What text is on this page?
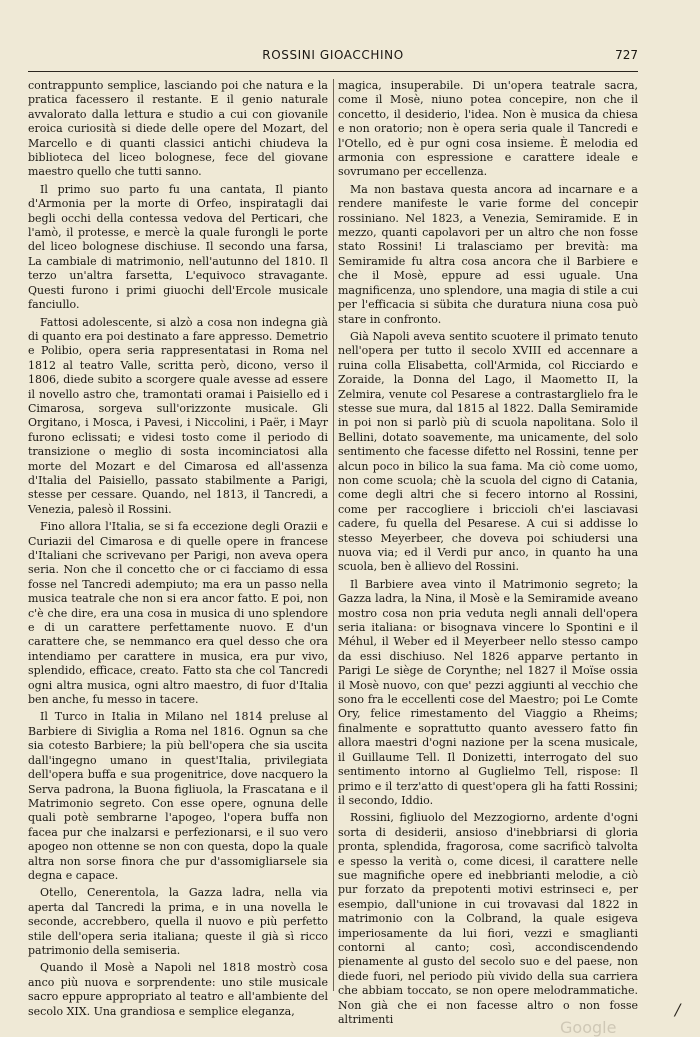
ROSSINI GIOACCHINO	727

contrappunto semplice, lasciando poi che natura e la pratica facessero il restante. E il genio naturale avvalorato dalla lettura e studio a cui con giovanile eroica curiosità si diede delle opere del Mozart, del Marcello e di quanti classici antichi chiudeva la biblioteca del liceo bolognese, fece del giovane maestro quello che tutti sanno.

Il primo suo parto fu una cantata, Il pianto d'Armonia per la morte di Orfeo, inspiratagli dai begli occhi della contessa vedova del Perticari, che l'amò, il protesse, e mercè la quale furongli le porte del liceo bolognese dischiuse. Il secondo una farsa, La cambiale di matrimonio, nell'autunno del 1810. Il terzo un'altra farsetta, L'equivoco stravagante. Questi furono i primi giuochi dell'Ercole musicale fanciullo.

Fattosi adolescente, si alzò a cosa non indegna già di quanto era poi destinato a fare appresso. Demetrio e Polibio, opera seria rappresentatasi in Roma nel 1812 al teatro Valle, scritta però, dicono, verso il 1806, diede subito a scorgere quale avesse ad essere il novello astro che, tramontati oramai i Paisiello ed i Cimarosa, sorgeva sull'orizzonte musicale. Gli Orgitano, i Mosca, i Pavesi, i Niccolini, i Paër, i Mayr furono eclissati; e videsi tosto come il periodo di transizione o meglio di sosta incominciatosi alla morte del Mozart e del Cimarosa ed all'assenza d'Italia del Paisiello, passato stabilmente a Parigi, stesse per cessare. Quando, nel 1813, il Tancredi, a Venezia, palesò il Rossini.

Fino allora l'Italia, se si fa eccezione degli Orazii e Curiazii del Cimarosa e di quelle opere in francese d'Italiani che scrivevano per Parigi, non aveva opera seria. Non che il concetto che or ci facciamo di essa fosse nel Tancredi adempiuto; ma era un passo nella musica teatrale che non si era ancor fatto. E poi, non c'è che dire, era una cosa in musica di uno splendore e di un carattere perfettamente nuovo. E d'un carattere che, se nemmanco era quel desso che ora intendiamo per carattere in musica, era pur vivo, splendido, efficace, creato. Fatto sta che col Tancredi ogni altra musica, ogni altro maestro, di fuor d'Italia ben anche, fu messo in tacere.

Il Turco in Italia in Milano nel 1814 preluse al Barbiere di Siviglia a Roma nel 1816. Ognun sa che sia cotesto Barbiere; la più bell'opera che sia uscita dall'ingegno umano in quest'Italia, privilegiata dell'opera buffa e sua progenitrice, dove nacquero la Serva padrona, la Buona figliuola, la Frascatana e il Matrimonio segreto. Con esse opere, ognuna delle quali potè sembrarne l'apogeo, l'opera buffa non facea pur che inalzarsi e perfezionarsi, e il suo vero apogeo non ottenne se non con questa, dopo la quale altra non sorse finora che pur d'assomigliarsele sia degna e capace.

Otello, Cenerentola, la Gazza ladra, nella via aperta dal Tancredi la prima, e in una novella le seconde, accrebbero, quella il nuovo e più perfetto stile dell'opera seria italiana; queste il già sì ricco patrimonio della semiseria.

Quando il Mosè a Napoli nel 1818 mostrò cosa anco più nuova e sorprendente: uno stile musicale sacro eppure appropriato al teatro e all'ambiente del secolo XIX. Una grandiosa e semplice eleganza,

magica, insuperabile. Di un'opera teatrale sacra, come il Mosè, niuno potea concepire, non che il concetto, il desiderio, l'idea. Non è musica da chiesa e non oratorio; non è opera seria quale il Tancredi e l'Otello, ed è pur ogni cosa insieme. È melodia ed armonia con espressione e carattere ideale e sovrumano per eccellenza.

Ma non bastava questa ancora ad incarnare e a rendere manifeste le varie forme del concepir rossiniano. Nel 1823, a Venezia, Semiramide. E in mezzo, quanti capolavori per un altro che non fosse stato Rossini! Li tralasciamo per brevità: ma Semiramide fu altra cosa ancora che il Barbiere e che il Mosè, eppure ad essi uguale. Una magnificenza, uno splendore, una magia di stile a cui per l'efficacia si sübita che duratura niuna cosa può stare in confronto.

Già Napoli aveva sentito scuotere il primato tenuto nell'opera per tutto il secolo XVIII ed accennare a ruina colla Elisabetta, coll'Armida, col Ricciardo e Zoraide, la Donna del Lago, il Maometto II, la Zelmira, venute col Pesarese a contrastarglielo fra le stesse sue mura, dal 1815 al 1822. Dalla Semiramide in poi non si parlò più di scuola napolitana. Solo il Bellini, dotato soavemente, ma unicamente, del solo sentimento che facesse difetto nel Rossini, tenne per alcun poco in bilico la sua fama. Ma ciò come uomo, non come scuola; chè la scuola del cigno di Catania, come degli altri che si fecero intorno al Rossini, come per raccogliere i briccioli ch'ei lasciavasi cadere, fu quella del Pesarese. A cui si addisse lo stesso Meyerbeer, che doveva poi schiudersi una nuova via; ed il Verdi pur anco, in quanto ha una scuola, ben è allievo del Rossini.

Il Barbiere avea vinto il Matrimonio segreto; la Gazza ladra, la Nina, il Mosè e la Semiramide aveano mostro cosa non pria veduta negli annali dell'opera seria italiana: or bisognava vincere lo Spontini e il Méhul, il Weber ed il Meyerbeer nello stesso campo da essi dischiuso. Nel 1826 apparve pertanto in Parigi Le siège de Corynthe; nel 1827 il Moïse ossia il Mosè nuovo, con que' pezzi aggiunti al vecchio che sono fra le eccellenti cose del Maestro; poi Le Comte Ory, felice rimestamento del Viaggio a Rheims; finalmente e soprattutto quanto avessero fatto fin allora maestri d'ogni nazione per la scena musicale, il Guillaume Tell. Il Donizetti, interrogato del suo sentimento intorno al Guglielmo Tell, rispose: Il primo e il terz'atto di quest'opera gli ha fatti Rossini; il secondo, Iddio.

Rossini, figliuolo del Mezzogiorno, ardente d'ogni sorta di desiderii, ansioso d'inebbriarsi di gloria pronta, splendida, fragorosa, come sacrificò talvolta e spesso la verità o, come dicesi, il carattere nelle sue magnifiche opere ed inebbrianti melodie, a ciò pur forzato da prepotenti motivi estrinseci e, per esempio, dall'unione in cui trovavasi dal 1822 in matrimonio con la Colbrand, la quale esigeva imperiosamente da lui fiori, vezzi e smaglianti contorni al canto; così, accondiscendendo pienamente al gusto del secolo suo e del paese, non diede fuori, nel periodo più vivido della sua carriera che abbiam toccato, se non opere melodrammatiche. Non già che ei non facesse altro o non fosse altrimenti

/
Google
